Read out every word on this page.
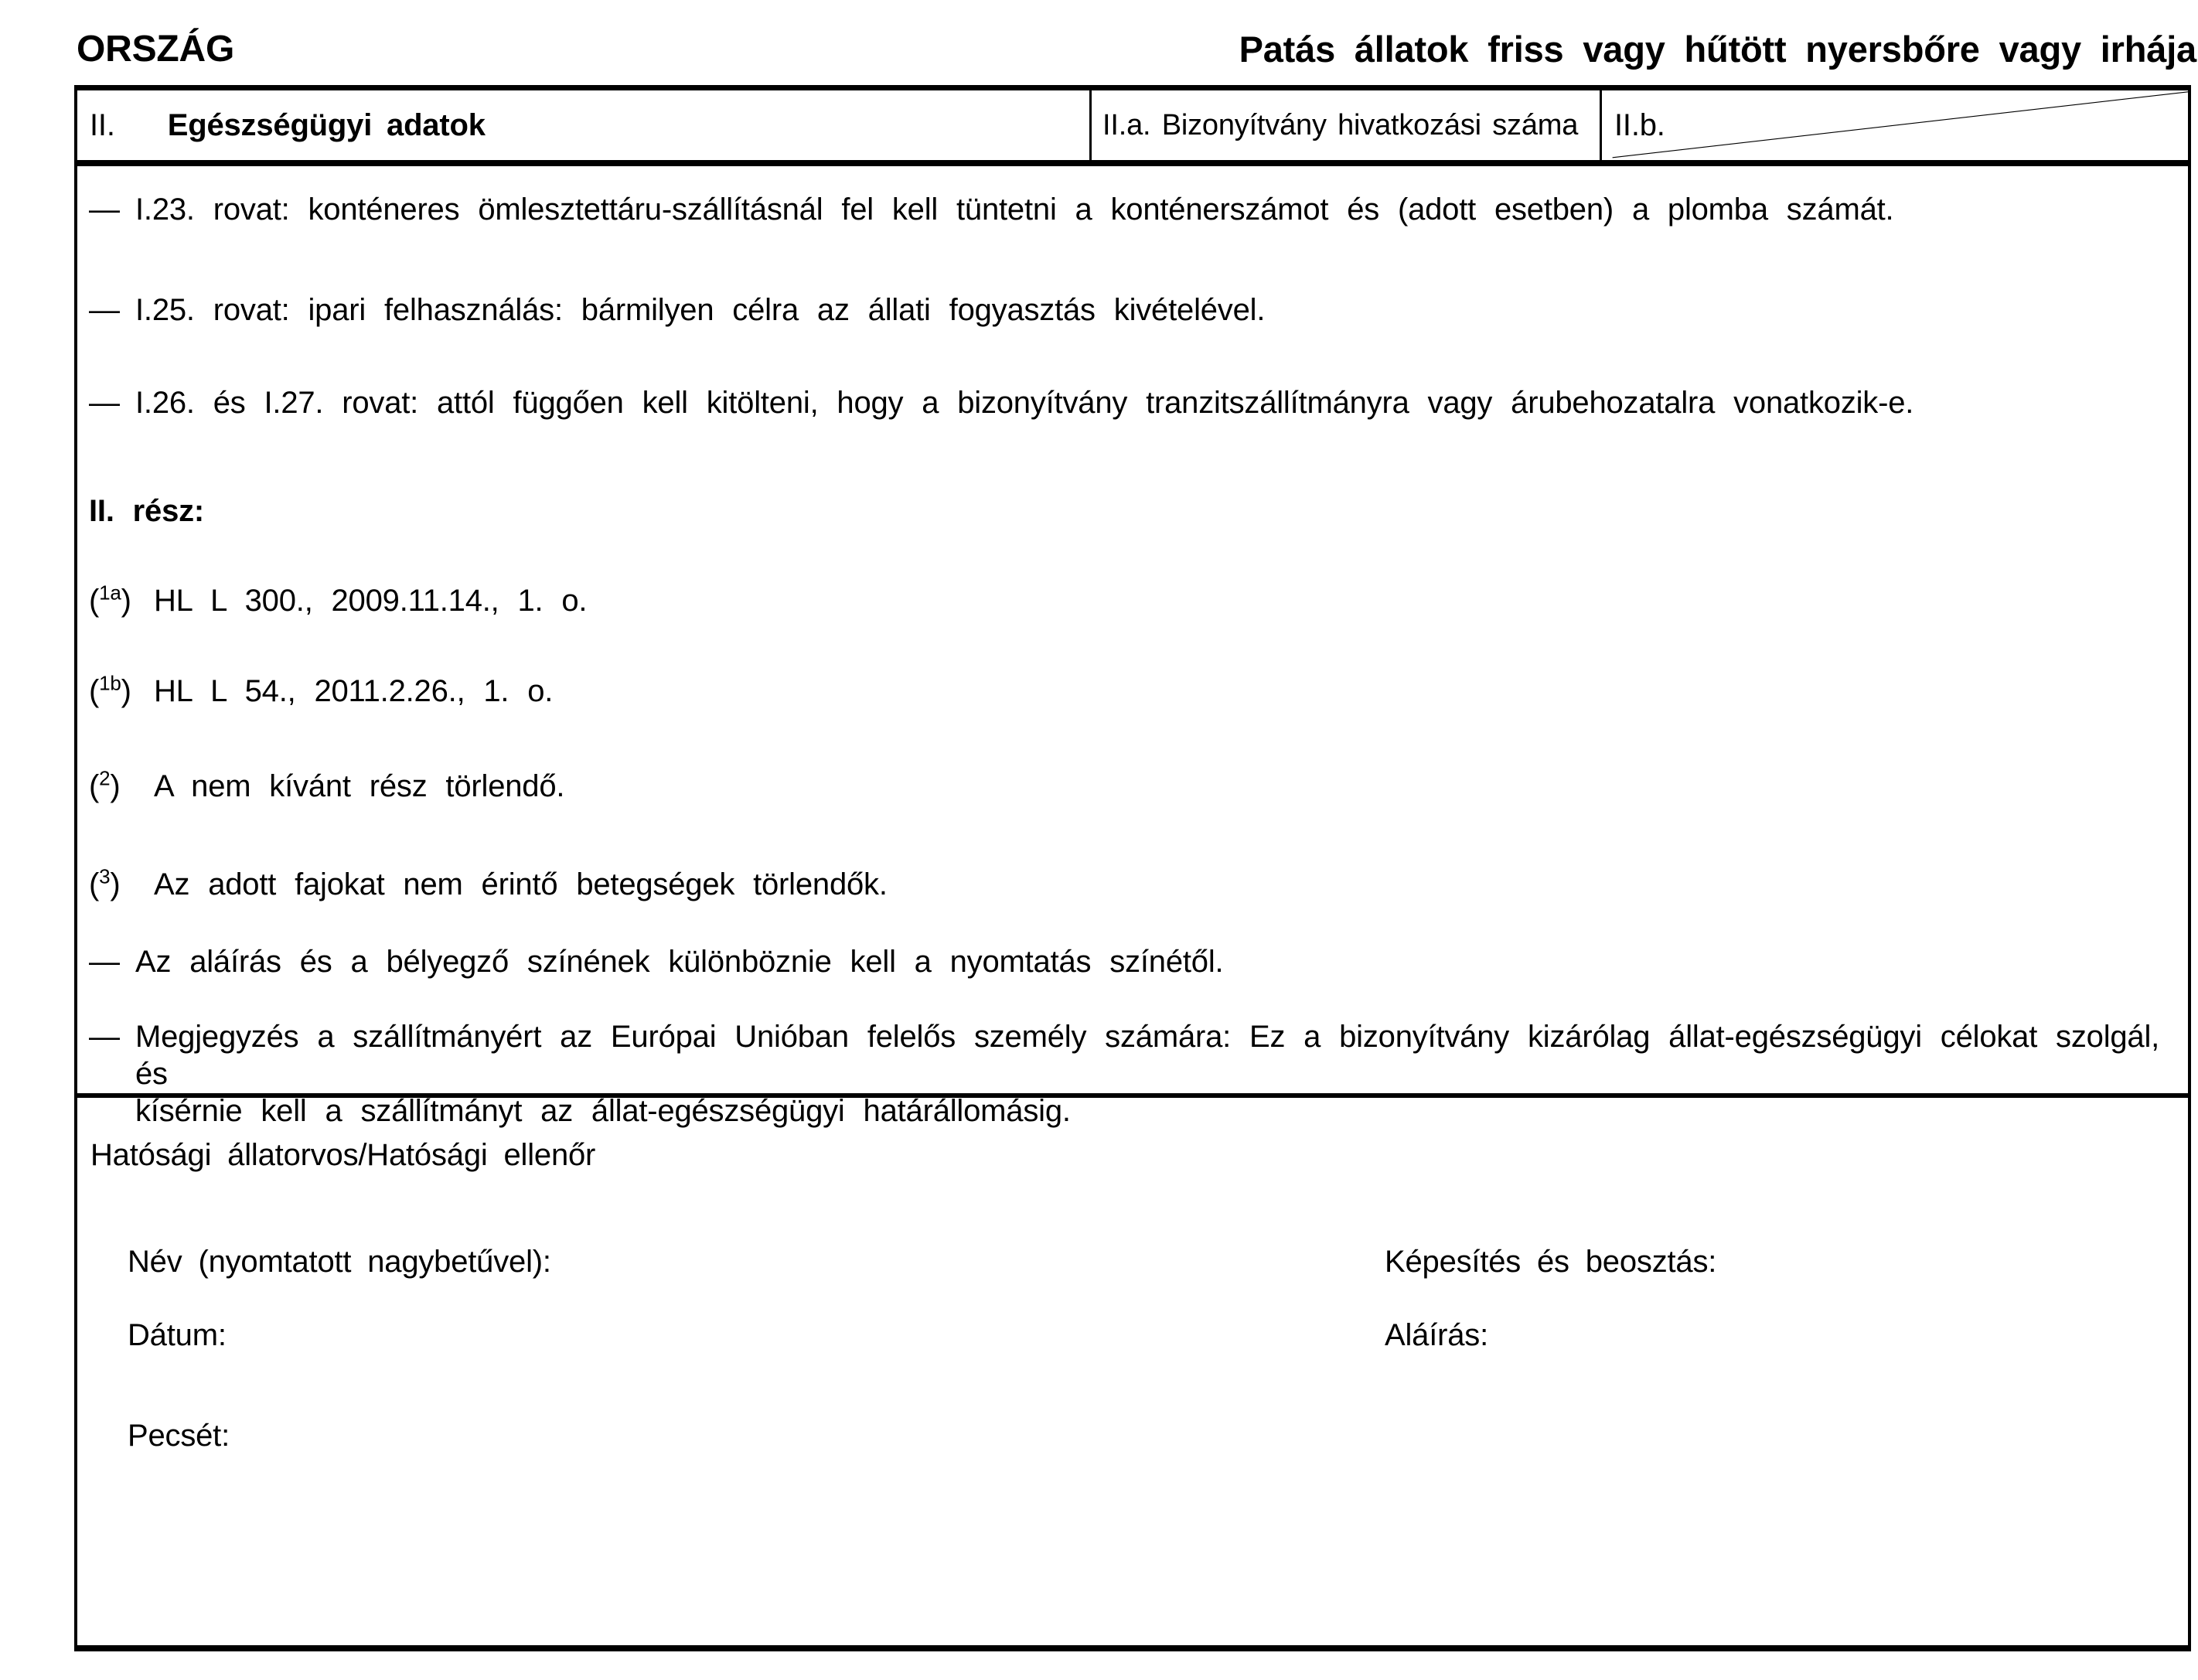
ORSZÁG	Patás állatok friss vagy hűtött nyersbőre vagy irhája
II. Egészségügyi adatok	II.a. Bizonyítvány hivatkozási száma II.b.

— I.23. rovat: konténeres ömlesztettáru-szállításnál fel kell tüntetni a konténerszámot és (adott esetben) a plomba számát.

— I.25. rovat: ipari felhasználás: bármilyen célra az állati fogyasztás kivételével.

— I.26. és I.27. rovat: attól függően kell kitölteni, hogy a bizonyítvány tranzitszállítmányra vagy árubehozatalra vonatkozik-e.

II. rész:

($^{1a}$) HL L 300., 2009.11.14., 1. o.

($^{1b}$) HL L 54., 2011.2.26., 1. o.

($^2$) A nem kívánt rész törlendő.

($^3$) Az adott fajokat nem érintő betegségek törlendők.

— Az aláírás és a bélyegző színének különböznie kell a nyomtatás színétől.

— Megjegyzés a szállítmányért az Európai Unióban felelős személy számára: Ez a bizonyítvány kizárólag állat-egészségügyi célokat szolgál, és
kísérnie kell a szállítmányt az állat-egészségügyi határállomásig.

Hatósági állatorvos/Hatósági ellenőr

Név (nyomtatott nagybetűvel):	Képesítés és beosztás:
Dátum:	Aláírás:
Pecsét:
